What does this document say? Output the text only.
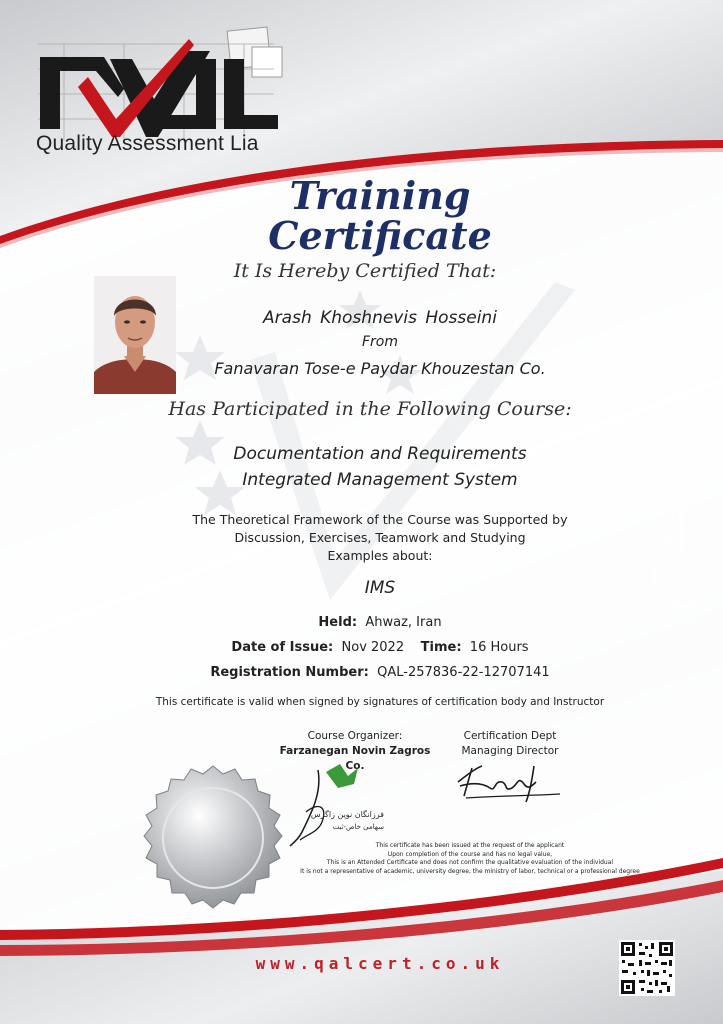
Quality Assessment Lia
Training
Certificate
It Is Hereby Certified That:
Arash Khoshnevis Hosseini
From
Fanavaran Tose-e Paydar Khouzestan Co.
Has Participated in the Following Course:
Documentation and Requirements
Integrated Management System
The Theoretical Framework of the Course was Supported by
Discussion, Exercises, Teamwork and Studying
Examples about:
IMS
Held: Ahwaz, Iran
Date of Issue: Nov 2022 Time: 16 Hours
Registration Number: QAL-257836-22-12707141
This certificate is valid when signed by signatures of certification body and Instructor
Course Organizer:
Farzanegan Novin Zagros Co.
Certification Dept
Managing Director
فرزانگان نوین زاگرس
سهامی خاص-ثبت
This certificate has been issued at the request of the applicant
Upon completion of the course and has no legal value,
This is an Attended Certificate and does not confirm the qualitative evaluation of the individual
It is not a representative of academic, university degree, the ministry of labor, technical or a professional degree
www.qalcert.co.uk
